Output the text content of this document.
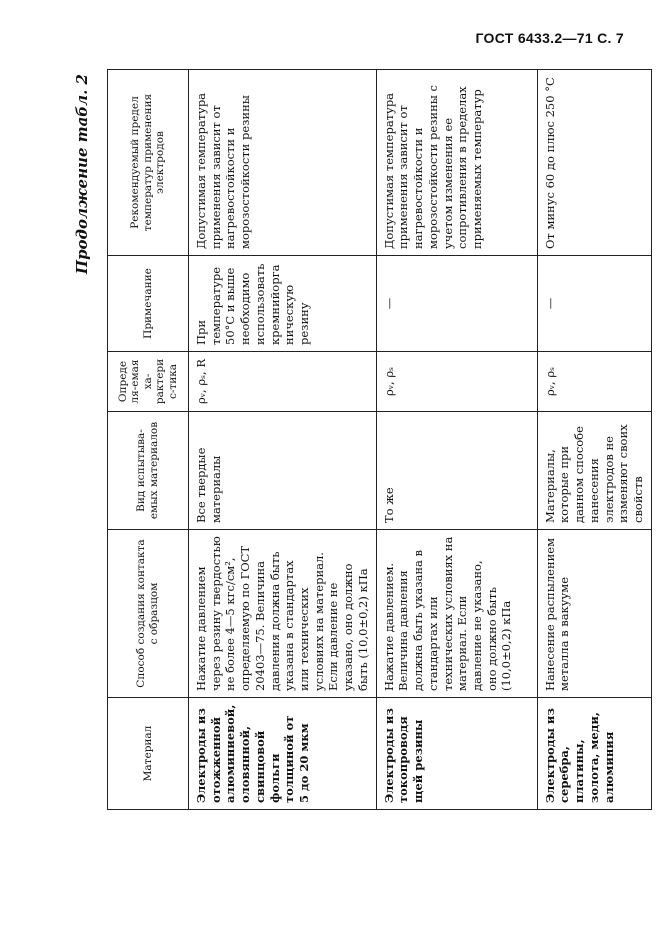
ГОСТ 6433.2—71 С. 7
Продолжение табл. 2
Материал	Способ создания контакта с образцом	Вид испытыва-емых материалов	Определя-емая ха-рактерис-тика	Примечание	Рекомендуемый предел температур применения электродов
Электроды из отожженной алюминиевой, оловянной, свинцовой фольги толщиной от 5 до 20 мкм	Нажатие давлением через резину твердостью не более 4—5 кгс/см², определяемую по ГОСТ 20403—75. Величина давления должна быть указана в стандартах или технических условиях на материал. Если давление не указано, оно должно быть (10,0±0,2) кПа	Все твердые материалы	ρᵥ, ρₛ, R	При температуре 50°С и выше необходимо использовать кремнийорганическую резину	Допустимая температура применения зависит от нагревостойкости и морозостойкости резины
Электроды из токопроводящей резины	Нажатие давлением. Величина давления должна быть указана в стандартах или технических условиях на материал. Если давление не указано, оно должно быть (10,0±0,2) кПа	То же	ρᵥ, ρₛ	—	Допустимая температура применения зависит от нагревостойкости и морозостойкости резины с учетом изменения ее сопротивления в пределах применяемых температур
Электроды из серебра, платины, золота, меди, алюминия	Нанесение распылением металла в вакууме	Материалы, которые при данном способе нанесения электродов не изменяют своих свойств	ρᵥ, ρₛ	—	От минус 60 до плюс 250 °С
